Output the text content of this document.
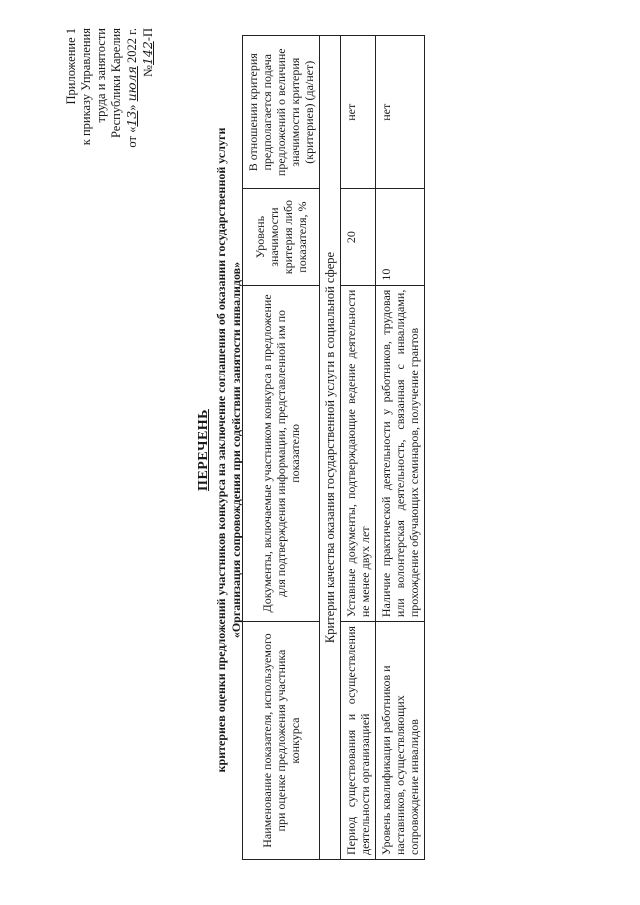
Приложение 1 к приказу Управления труда и занятости Республики Карелия от «13» июля 2022 г.
№142-П
ПЕРЕЧЕНЬ критериев оценки предложений участников конкурса на заключение соглашения об оказании государственной услуги «Организация сопровождения при содействии занятости инвалидов»
Наименование показателя, используемого при оценке предложения участника конкурса	Документы, включаемые участником конкурса в предложение для подтверждения информации, представленной им по показателю	Уровень значимости критерия либо показателя, %	В отношении критерия предполагается подача предложений о величине значимости критерия (критериев) (да/нет)
Критерии качества оказания государственной услуги в социальной сфере			
Период существования и осуществления деятельности организацией	Уставные документы, подтверждающие ведение деятельности не менее двух лет	20	нет
Уровень квалификации работников и наставников, осуществляющих сопровождение инвалидов	Наличие практической деятельности у работников, трудовая или волонтерская деятельность, связанная с инвалидами, прохождение обучающих семинаров, получение грантов	10	нет
